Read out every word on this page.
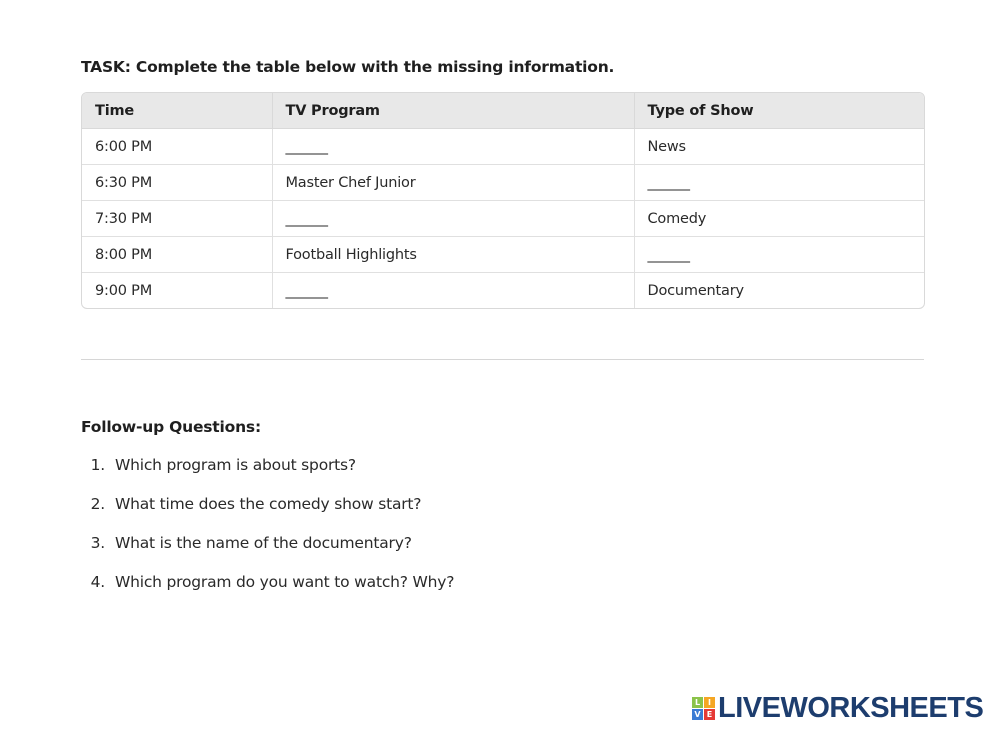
TASK: Complete the table below with the missing information.
Time	TV Program	Type of Show
6:00 PM	______	News
6:30 PM	Master Chef Junior	______
7:30 PM	______	Comedy
8:00 PM	Football Highlights	______
9:00 PM	______	Documentary
Follow-up Questions:
1. Which program is about sports?
2. What time does the comedy show start?
3. What is the name of the documentary?
4. Which program do you want to watch? Why?
L I
V E LIVEWORKSHEETS
